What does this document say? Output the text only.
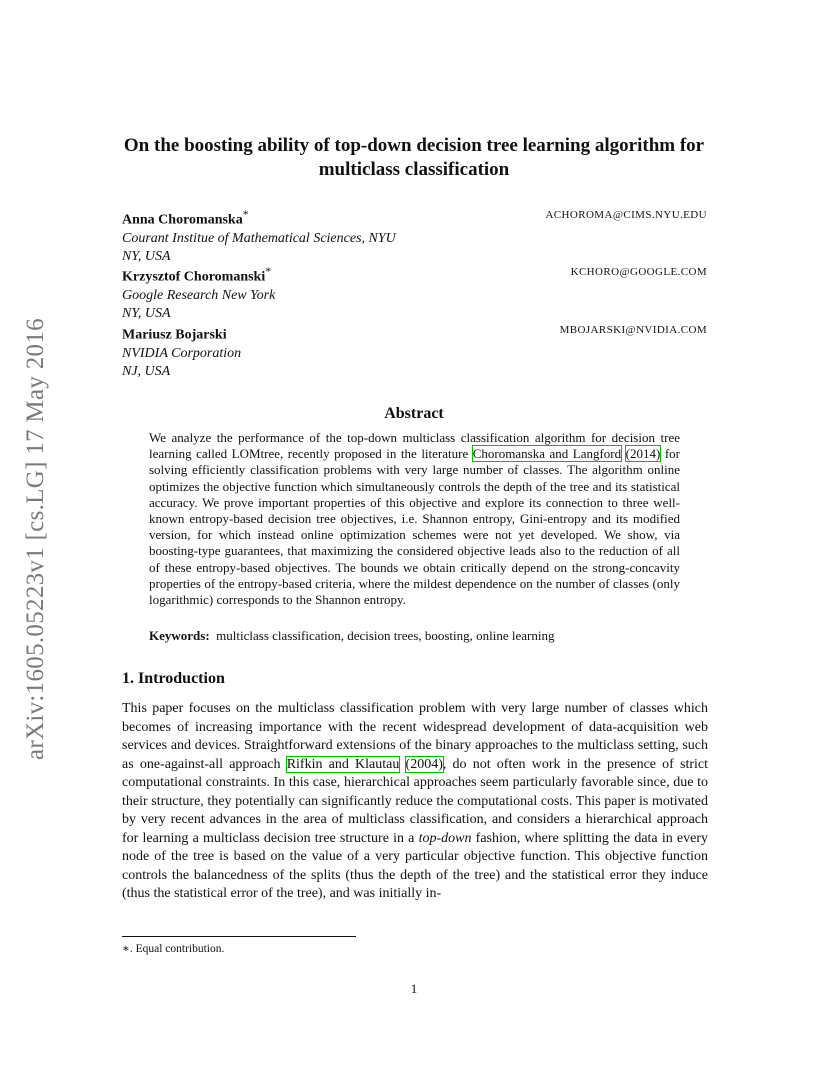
arXiv:1605.05223v1 [cs.LG] 17 May 2016
On the boosting ability of top-down decision tree learning algorithm for multiclass classification
Anna Choromanska*
Courant Institue of Mathematical Sciences, NYU
NY, USA
ACHOROMA@CIMS.NYU.EDU
Krzysztof Choromanski*
Google Research New York
NY, USA
KCHORO@GOOGLE.COM
Mariusz Bojarski
NVIDIA Corporation
NJ, USA
MBOJARSKI@NVIDIA.COM
Abstract
We analyze the performance of the top-down multiclass classification algorithm for decision tree learning called LOMtree, recently proposed in the literature Choromanska and Langford (2014) for solving efficiently classification problems with very large number of classes. The algorithm online optimizes the objective function which simultaneously controls the depth of the tree and its statistical accuracy. We prove important properties of this objective and explore its connection to three well-known entropy-based decision tree objectives, i.e. Shannon entropy, Gini-entropy and its modified version, for which instead online optimization schemes were not yet developed. We show, via boosting-type guarantees, that maximizing the considered objective leads also to the reduction of all of these entropy-based objectives. The bounds we obtain critically depend on the strong-concavity properties of the entropy-based criteria, where the mildest dependence on the number of classes (only logarithmic) corresponds to the Shannon entropy.
Keywords: multiclass classification, decision trees, boosting, online learning
1. Introduction
This paper focuses on the multiclass classification problem with very large number of classes which becomes of increasing importance with the recent widespread development of data-acquisition web services and devices. Straightforward extensions of the binary approaches to the multiclass setting, such as one-against-all approach Rifkin and Klautau (2004), do not often work in the presence of strict computational constraints. In this case, hierarchical approaches seem particularly favorable since, due to their structure, they potentially can significantly reduce the computational costs. This paper is motivated by very recent advances in the area of multiclass classification, and considers a hierarchical approach for learning a multiclass decision tree structure in a top-down fashion, where splitting the data in every node of the tree is based on the value of a very particular objective function. This objective function controls the balancedness of the splits (thus the depth of the tree) and the statistical error they induce (thus the statistical error of the tree), and was initially in-
∗. Equal contribution.
1
